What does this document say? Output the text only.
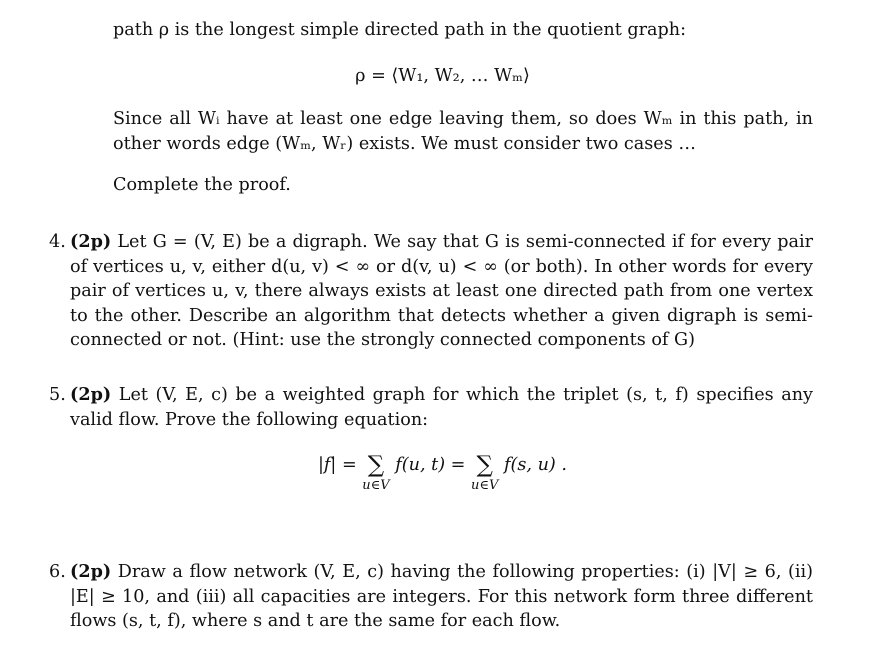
path ρ is the longest simple directed path in the quotient graph:
ρ = ⟨W₁, W₂, … Wₘ⟩
Since all Wᵢ have at least one edge leaving them, so does Wₘ in this path, in other words edge (Wₘ, Wᵣ) exists. We must consider two cases …
Complete the proof.
4. (2p) Let G = (V, E) be a digraph. We say that G is semi-connected if for every pair of vertices u, v, either d(u, v) < ∞ or d(v, u) < ∞ (or both). In other words for every pair of vertices u, v, there always exists at least one directed path from one vertex to the other. Describe an algorithm that detects whether a given digraph is semi-connected or not. (Hint: use the strongly connected components of G)
5. (2p) Let (V, E, c) be a weighted graph for which the triplet (s, t, f) specifies any valid flow. Prove the following equation:
|f| = ∑
u∈V
f(u, t) = ∑
u∈V
f(s, u) .
6. (2p) Draw a flow network (V, E, c) having the following properties: (i) |V| ≥ 6, (ii) |E| ≥ 10, and (iii) all capacities are integers. For this network form three different flows (s, t, f), where s and t are the same for each flow.
